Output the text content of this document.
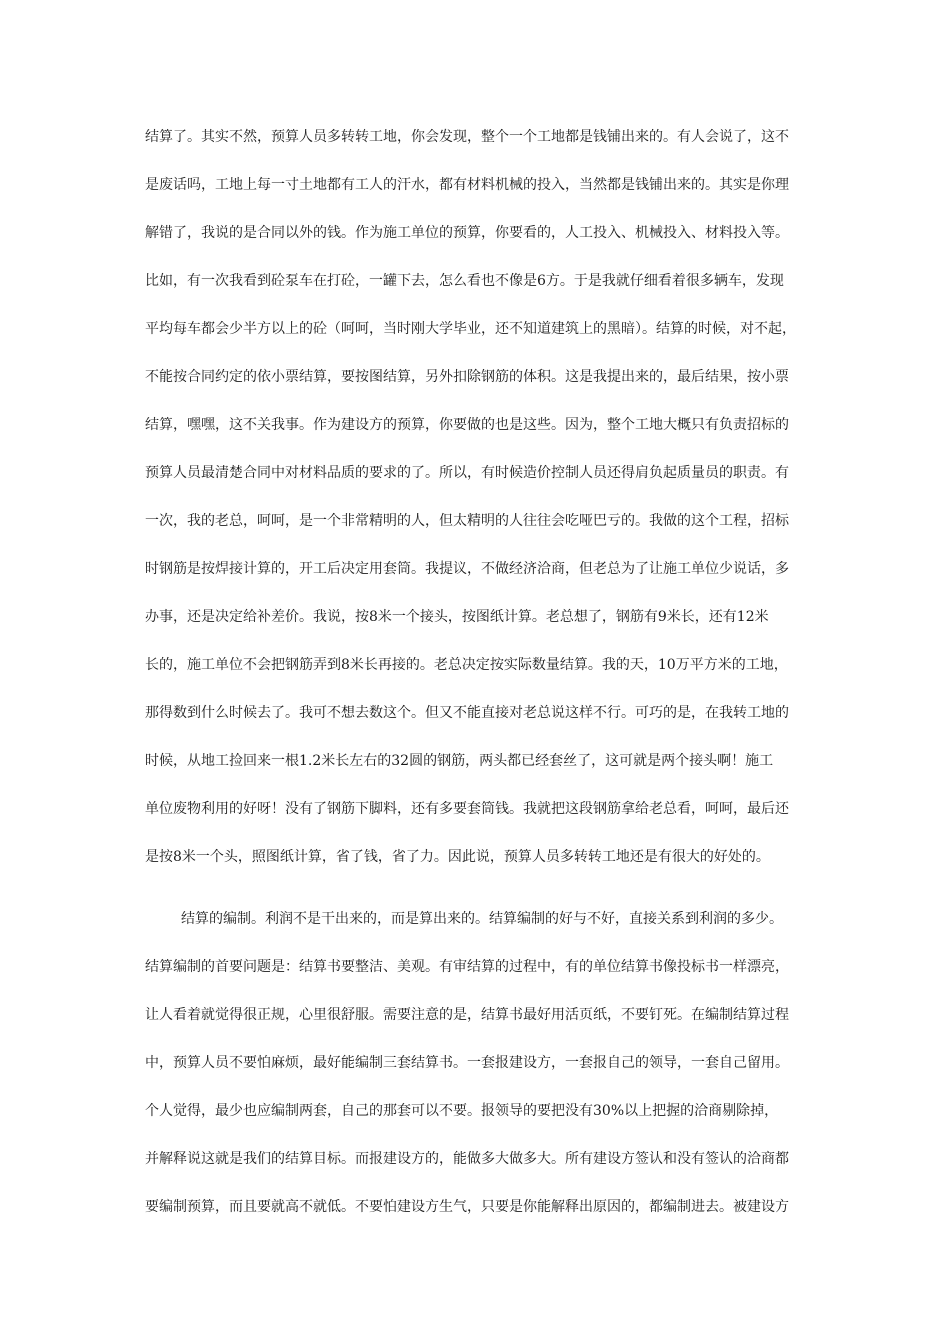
结算了。其实不然，预算人员多转转工地，你会发现，整个一个工地都是钱铺出来的。有人会说了，这不
是废话吗，工地上每一寸土地都有工人的汗水，都有材料机械的投入，当然都是钱铺出来的。其实是你理
解错了，我说的是合同以外的钱。作为施工单位的预算，你要看的，人工投入、机械投入、材料投入等。
比如，有一次我看到砼泵车在打砼，一罐下去，怎么看也不像是6方。于是我就仔细看着很多辆车，发现
平均每车都会少半方以上的砼（呵呵，当时刚大学毕业，还不知道建筑上的黑暗）。结算的时候，对不起，
不能按合同约定的依小票结算，要按图结算，另外扣除钢筋的体积。这是我提出来的，最后结果，按小票
结算，嘿嘿，这不关我事。作为建设方的预算，你要做的也是这些。因为，整个工地大概只有负责招标的
预算人员最清楚合同中对材料品质的要求的了。所以，有时候造价控制人员还得肩负起质量员的职责。有
一次，我的老总，呵呵，是一个非常精明的人，但太精明的人往往会吃哑巴亏的。我做的这个工程，招标
时钢筋是按焊接计算的，开工后决定用套筒。我提议，不做经济洽商，但老总为了让施工单位少说话，多
办事，还是决定给补差价。我说，按8米一个接头，按图纸计算。老总想了，钢筋有9米长，还有12米
长的，施工单位不会把钢筋弄到8米长再接的。老总决定按实际数量结算。我的天，10万平方米的工地，
那得数到什么时候去了。我可不想去数这个。但又不能直接对老总说这样不行。可巧的是，在我转工地的
时候，从地工捡回来一根1.2米长左右的32圆的钢筋，两头都已经套丝了，这可就是两个接头啊！施工
单位废物利用的好呀！没有了钢筋下脚料，还有多要套筒钱。我就把这段钢筋拿给老总看，呵呵，最后还
是按8米一个头，照图纸计算，省了钱，省了力。因此说，预算人员多转转工地还是有很大的好处的。
结算的编制。利润不是干出来的，而是算出来的。结算编制的好与不好，直接关系到利润的多少。
结算编制的首要问题是：结算书要整洁、美观。有审结算的过程中，有的单位结算书像投标书一样漂亮，
让人看着就觉得很正规，心里很舒服。需要注意的是，结算书最好用活页纸，不要钉死。在编制结算过程
中，预算人员不要怕麻烦，最好能编制三套结算书。一套报建设方，一套报自己的领导，一套自己留用。
个人觉得，最少也应编制两套，自己的那套可以不要。报领导的要把没有30%以上把握的洽商剔除掉，
并解释说这就是我们的结算目标。而报建设方的，能做多大做多大。所有建设方签认和没有签认的洽商都
要编制预算，而且要就高不就低。不要怕建设方生气，只要是你能解释出原因的，都编制进去。被建设方
